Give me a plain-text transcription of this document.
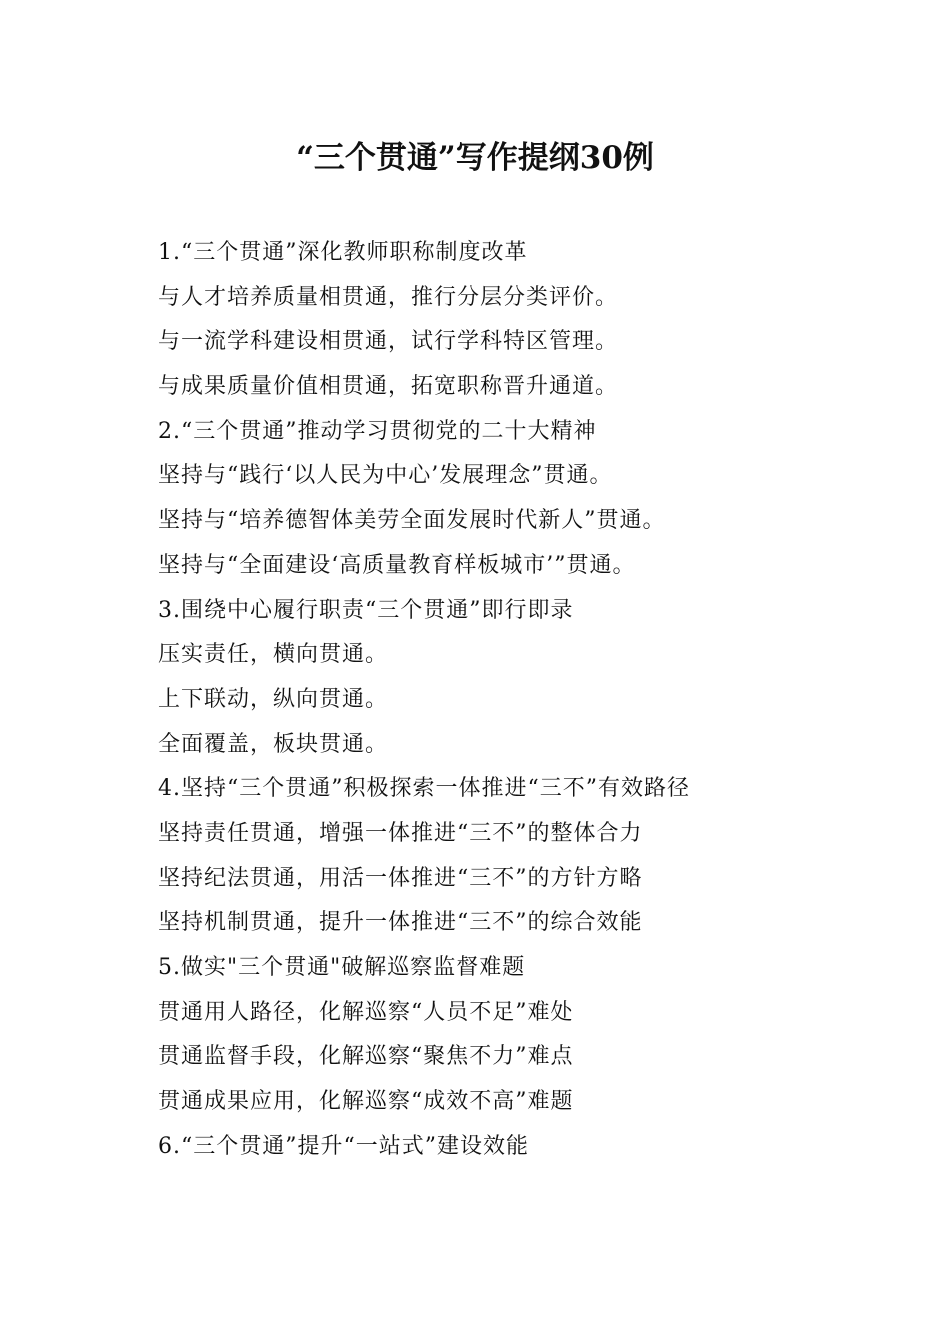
“三个贯通”写作提纲30例
1.“三个贯通”深化教师职称制度改革
与人才培养质量相贯通，推行分层分类评价。
与一流学科建设相贯通，试行学科特区管理。
与成果质量价值相贯通，拓宽职称晋升通道。
2.“三个贯通”推动学习贯彻党的二十大精神
坚持与“践行‘以人民为中心’发展理念”贯通。
坚持与“培养德智体美劳全面发展时代新人”贯通。
坚持与“全面建设‘高质量教育样板城市’”贯通。
3.围绕中心履行职责“三个贯通”即行即录
压实责任，横向贯通。
上下联动，纵向贯通。
全面覆盖，板块贯通。
4.坚持“三个贯通”积极探索一体推进“三不”有效路径
坚持责任贯通，增强一体推进“三不”的整体合力
坚持纪法贯通，用活一体推进“三不”的方针方略
坚持机制贯通，提升一体推进“三不”的综合效能
5.做实"三个贯通"破解巡察监督难题
贯通用人路径，化解巡察“人员不足”难处
贯通监督手段，化解巡察“聚焦不力”难点
贯通成果应用，化解巡察“成效不高”难题
6.“三个贯通”提升“一站式”建设效能
